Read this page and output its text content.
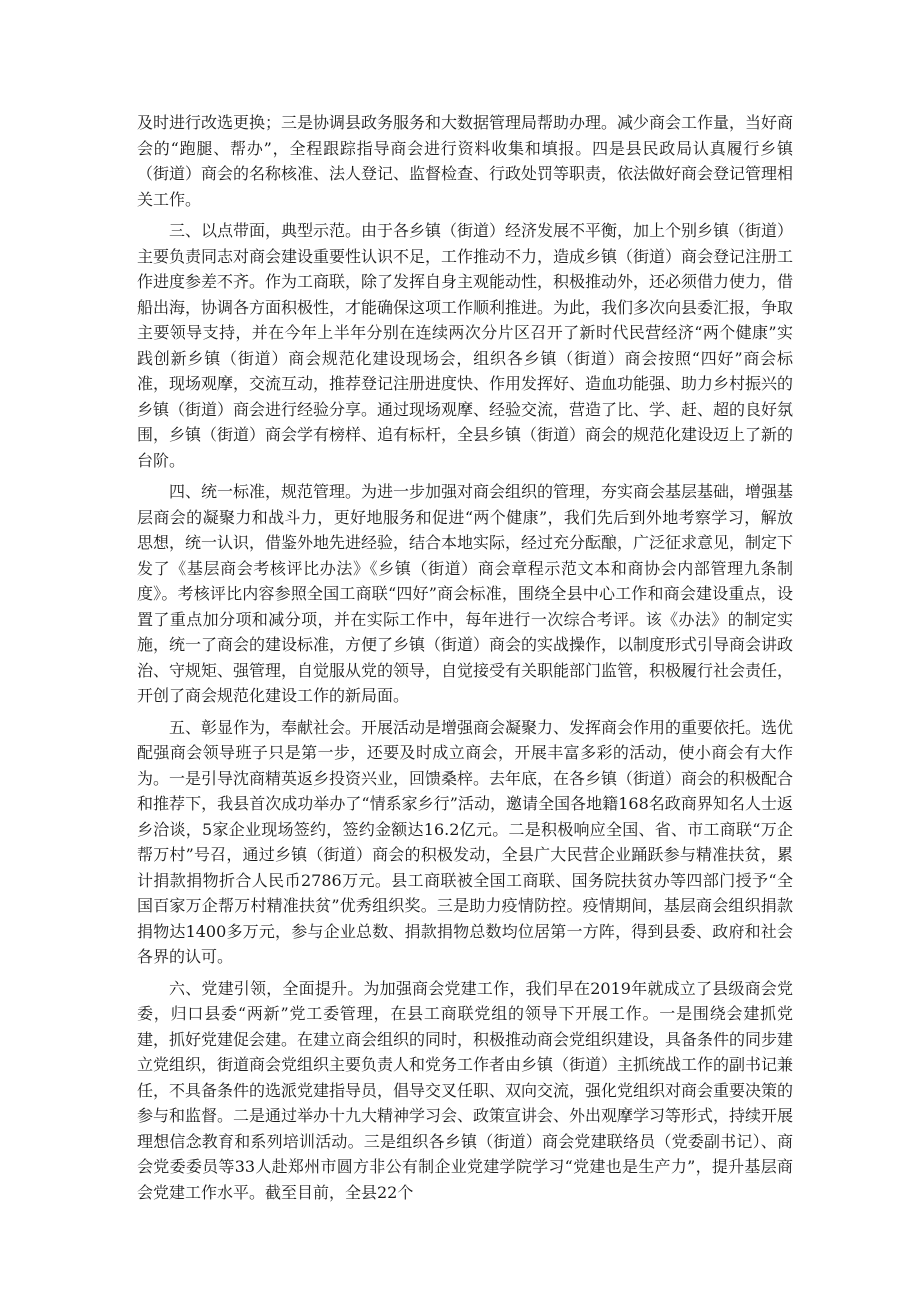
及时进行改选更换；三是协调县政务服务和大数据管理局帮助办理。减少商会工作量，当好商会的“跑腿、帮办”，全程跟踪指导商会进行资料收集和填报。四是县民政局认真履行乡镇（街道）商会的名称核准、法人登记、监督检查、行政处罚等职责，依法做好商会登记管理相关工作。

三、以点带面，典型示范。由于各乡镇（街道）经济发展不平衡，加上个别乡镇（街道）主要负责同志对商会建设重要性认识不足，工作推动不力，造成乡镇（街道）商会登记注册工作进度参差不齐。作为工商联，除了发挥自身主观能动性，积极推动外，还必须借力使力，借船出海，协调各方面积极性，才能确保这项工作顺利推进。为此，我们多次向县委汇报，争取主要领导支持，并在今年上半年分别在连续两次分片区召开了新时代民营经济“两个健康”实践创新乡镇（街道）商会规范化建设现场会，组织各乡镇（街道）商会按照“四好”商会标准，现场观摩，交流互动，推荐登记注册进度快、作用发挥好、造血功能强、助力乡村振兴的乡镇（街道）商会进行经验分享。通过现场观摩、经验交流，营造了比、学、赶、超的良好氛围，乡镇（街道）商会学有榜样、追有标杆，全县乡镇（街道）商会的规范化建设迈上了新的台阶。

四、统一标准，规范管理。为进一步加强对商会组织的管理，夯实商会基层基础，增强基层商会的凝聚力和战斗力，更好地服务和促进“两个健康”，我们先后到外地考察学习，解放思想，统一认识，借鉴外地先进经验，结合本地实际，经过充分酝酿，广泛征求意见，制定下发了《基层商会考核评比办法》《乡镇（街道）商会章程示范文本和商协会内部管理九条制度》。考核评比内容参照全国工商联“四好”商会标准，围绕全县中心工作和商会建设重点，设置了重点加分项和减分项，并在实际工作中，每年进行一次综合考评。该《办法》的制定实施，统一了商会的建设标准，方便了乡镇（街道）商会的实战操作，以制度形式引导商会讲政治、守规矩、强管理，自觉服从党的领导，自觉接受有关职能部门监管，积极履行社会责任，开创了商会规范化建设工作的新局面。

五、彰显作为，奉献社会。开展活动是增强商会凝聚力、发挥商会作用的重要依托。选优配强商会领导班子只是第一步，还要及时成立商会，开展丰富多彩的活动，使小商会有大作为。一是引导沈商精英返乡投资兴业，回馈桑梓。去年底，在各乡镇（街道）商会的积极配合和推荐下，我县首次成功举办了“情系家乡行”活动，邀请全国各地籍168名政商界知名人士返乡洽谈，5家企业现场签约，签约金额达16.2亿元。二是积极响应全国、省、市工商联“万企帮万村”号召，通过乡镇（街道）商会的积极发动，全县广大民营企业踊跃参与精准扶贫，累计捐款捐物折合人民币2786万元。县工商联被全国工商联、国务院扶贫办等四部门授予“全国百家万企帮万村精准扶贫”优秀组织奖。三是助力疫情防控。疫情期间，基层商会组织捐款捐物达1400多万元，参与企业总数、捐款捐物总数均位居第一方阵，得到县委、政府和社会各界的认可。

六、党建引领，全面提升。为加强商会党建工作，我们早在2019年就成立了县级商会党委，归口县委“两新”党工委管理，在县工商联党组的领导下开展工作。一是围绕会建抓党建，抓好党建促会建。在建立商会组织的同时，积极推动商会党组织建设，具备条件的同步建立党组织，街道商会党组织主要负责人和党务工作者由乡镇（街道）主抓统战工作的副书记兼任，不具备条件的选派党建指导员，倡导交叉任职、双向交流，强化党组织对商会重要决策的参与和监督。二是通过举办十九大精神学习会、政策宣讲会、外出观摩学习等形式，持续开展理想信念教育和系列培训活动。三是组织各乡镇（街道）商会党建联络员（党委副书记）、商会党委委员等33人赴郑州市圆方非公有制企业党建学院学习“党建也是生产力”，提升基层商会党建工作水平。截至目前，全县22个
